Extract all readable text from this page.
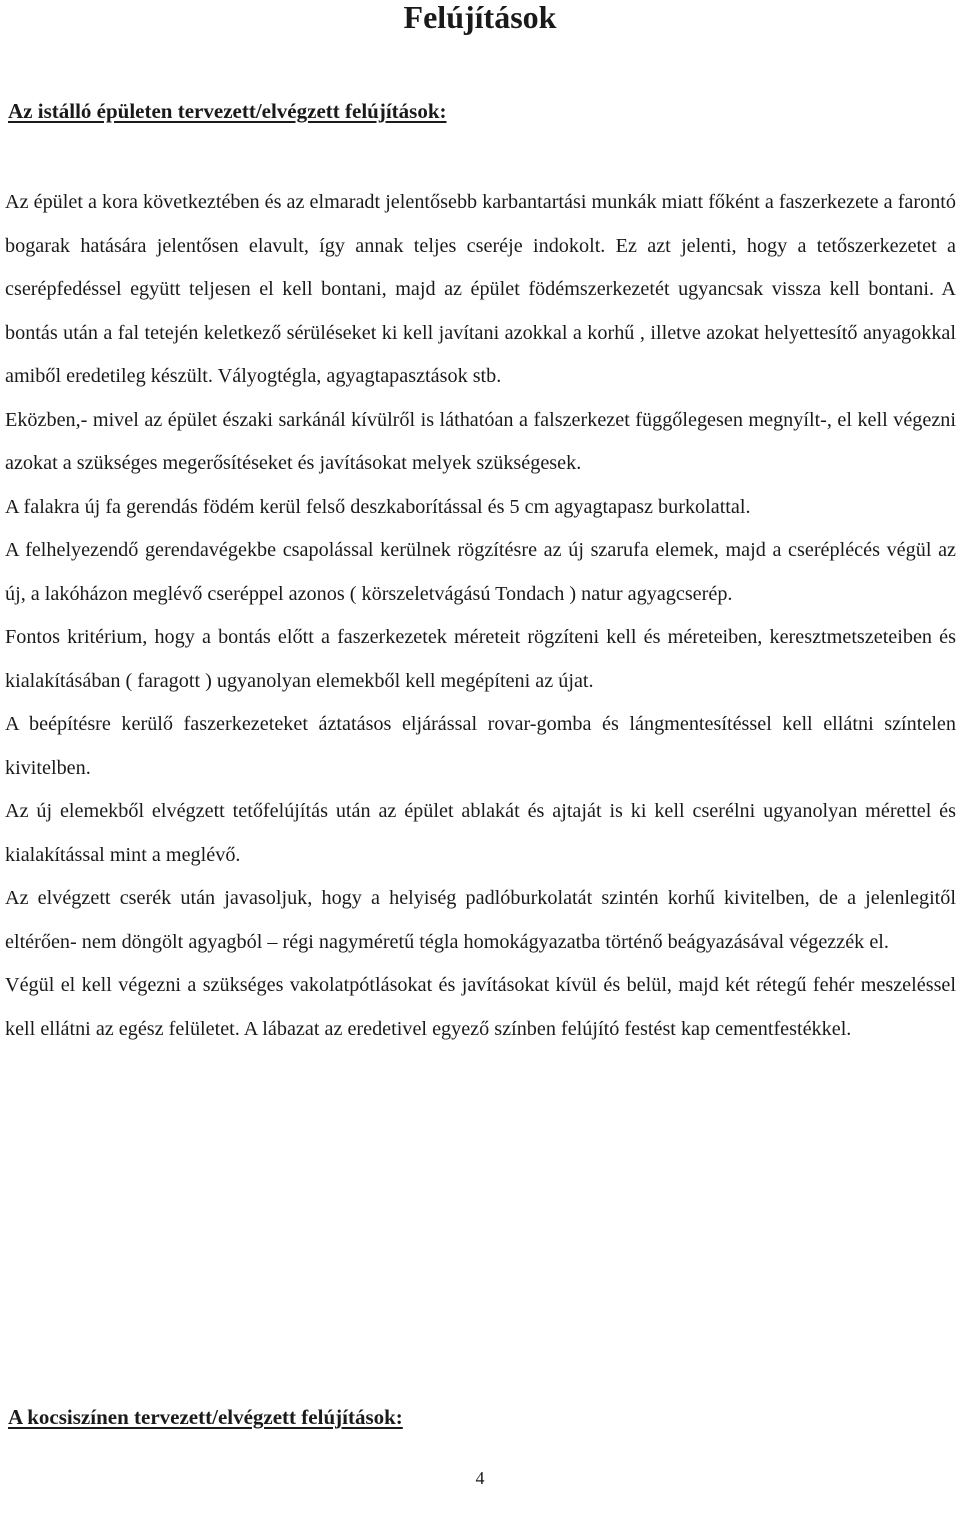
Felújítások
Az istálló épületen tervezett/elvégzett felújítások:

Az épület a kora következtében és az elmaradt jelentősebb karbantartási munkák miatt főként a faszerkezete a farontó bogarak hatására jelentősen elavult, így annak teljes cseréje indokolt. Ez azt jelenti, hogy a tetőszerkezetet a cserépfedéssel együtt teljesen el kell bontani, majd az épület födémszerkezetét ugyancsak vissza kell bontani. A bontás után a fal tetején keletkező sérüléseket ki kell javítani azokkal a korhű , illetve azokat helyettesítő anyagokkal amiből eredetileg készült. Vályogtégla, agyagtapasztások stb.

Eközben,- mivel az épület északi sarkánál kívülről is láthatóan a falszerkezet függőlegesen megnyílt-, el kell végezni azokat a szükséges megerősítéseket és javításokat melyek szükségesek.

A falakra új fa gerendás födém kerül felső deszkaborítással és 5 cm agyagtapasz burkolattal.

A felhelyezendő gerendavégekbe csapolással kerülnek rögzítésre az új szarufa elemek, majd a cseréplécés végül az új, a lakóházon meglévő cseréppel azonos ( körszeletvágású Tondach ) natur agyagcserép.

Fontos kritérium, hogy a bontás előtt a faszerkezetek méreteit rögzíteni kell és méreteiben, keresztmetszeteiben és kialakításában ( faragott ) ugyanolyan elemekből kell megépíteni az újat.

A beépítésre kerülő faszerkezeteket áztatásos eljárással rovar-gomba és lángmentesítéssel kell ellátni színtelen kivitelben.

Az új elemekből elvégzett tetőfelújítás után az épület ablakát és ajtaját is ki kell cserélni ugyanolyan mérettel és kialakítással mint a meglévő.

Az elvégzett cserék után javasoljuk, hogy a helyiség padlóburkolatát szintén korhű kivitelben, de a jelenlegitől eltérően- nem döngölt agyagból – régi nagyméretű tégla homokágyazatba történő beágyazásával végezzék el.

Végül el kell végezni a szükséges vakolatpótlásokat és javításokat kívül és belül, majd két rétegű fehér meszeléssel kell ellátni az egész felületet. A lábazat az eredetivel egyező színben felújító festést kap cementfestékkel.

A kocsiszínen tervezett/elvégzett felújítások:
4
